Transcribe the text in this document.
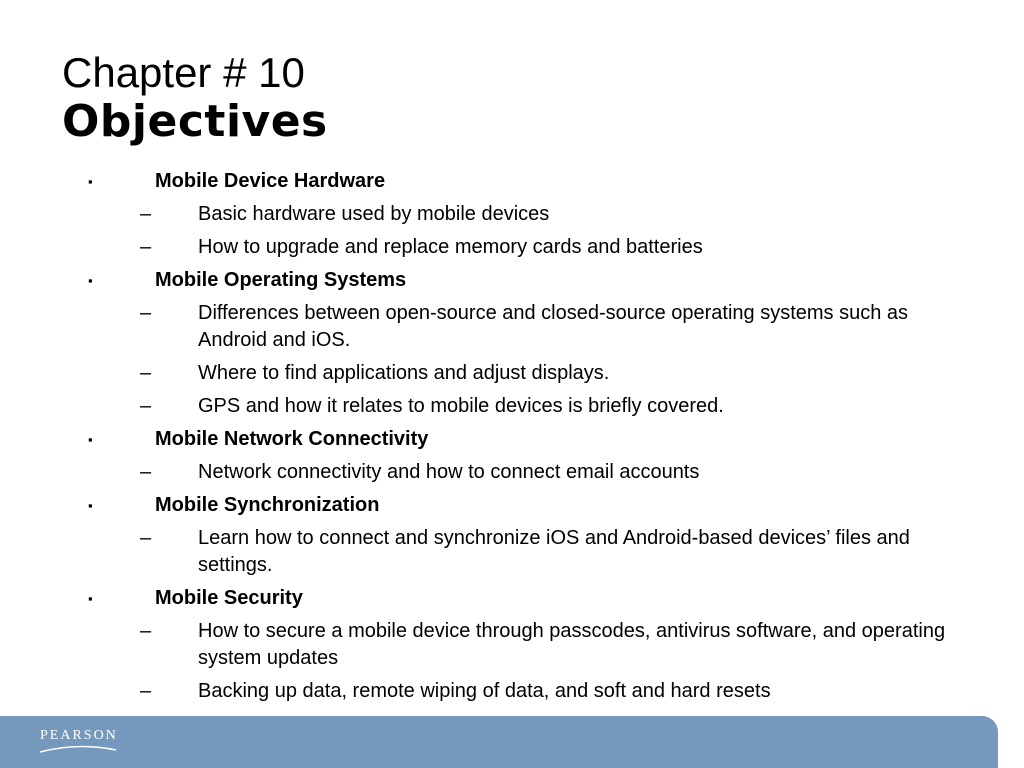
Chapter # 10
Objectives
▪	Mobile Device Hardware
– Basic hardware used by mobile devices
– How to upgrade and replace memory cards and batteries
▪	Mobile Operating Systems
– Differences between open-source and closed-source operating systems such as Android and iOS.
– Where to find applications and adjust displays.
– GPS and how it relates to mobile devices is briefly covered.
▪	Mobile Network Connectivity
– Network connectivity and how to connect email accounts
▪	Mobile Synchronization
– Learn how to connect and synchronize iOS and Android-based devices’ files and settings.
▪	Mobile Security
– How to secure a mobile device through passcodes, antivirus software, and operating system updates
– Backing up data, remote wiping of data, and soft and hard resets
PEARSON
